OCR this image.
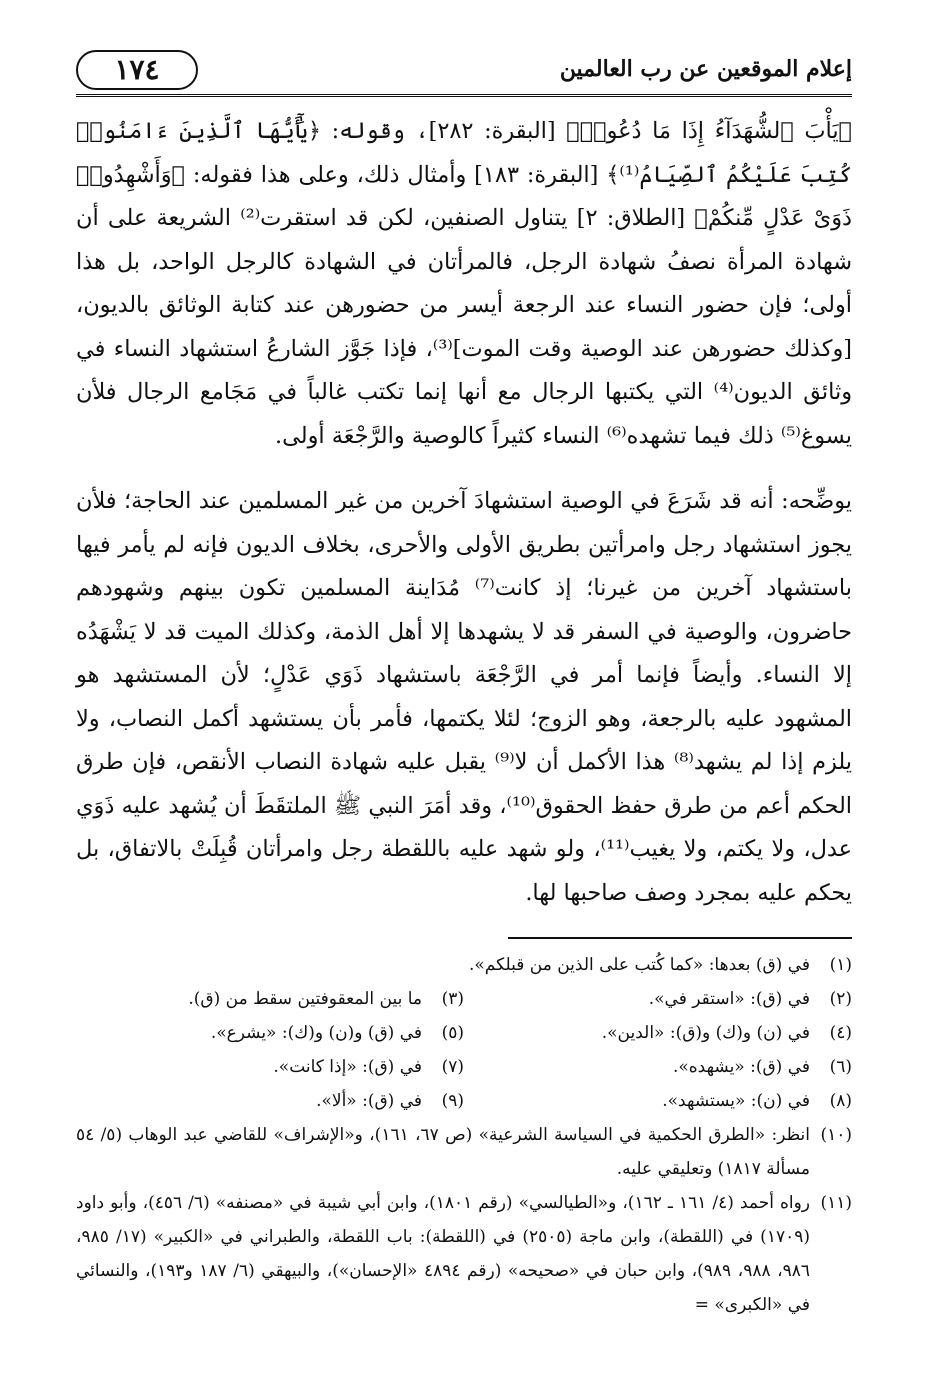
إعلام الموقعين عن رب العالمين
١٧٤

﴿يَأْبَ ٱلشُّهَدَآءُ إِذَا مَا دُعُوا۟﴾ [البقرة: ٢٨٢]، وقوله: ﴿يَٰٓأَيُّهَا ٱلَّذِينَ ءَامَنُوا۟ كُتِبَ عَلَيْكُمُ ٱلصِّيَامُ⁽¹⁾﴾ [البقرة: ١٨٣] وأمثال ذلك، وعلى هذا فقوله: ﴿وَأَشْهِدُوا۟ ذَوَىْ عَدْلٍ مِّنكُمْ﴾ [الطلاق: ٢] يتناول الصنفين، لكن قد استقرت⁽²⁾ الشريعة على أن شهادة المرأة نصفُ شهادة الرجل، فالمرأتان في الشهادة كالرجل الواحد، بل هذا أولى؛ فإن حضور النساء عند الرجعة أيسر من حضورهن عند كتابة الوثائق بالديون، [وكذلك حضورهن عند الوصية وقت الموت]⁽³⁾، فإذا جَوَّز الشارعُ استشهاد النساء في وثائق الديون⁽⁴⁾ التي يكتبها الرجال مع أنها إنما تكتب غالباً في مَجَامع الرجال فلأن يسوغ⁽⁵⁾ ذلك فيما تشهده⁽⁶⁾ النساء كثيراً كالوصية والرَّجْعَة أولى.

يوضِّحه: أنه قد شَرَعَ في الوصية استشهادَ آخرين من غير المسلمين عند الحاجة؛ فلأن يجوز استشهاد رجل وامرأتين بطريق الأولى والأحرى، بخلاف الديون فإنه لم يأمر فيها باستشهاد آخرين من غيرنا؛ إذ كانت⁽⁷⁾ مُدَاينة المسلمين تكون بينهم وشهودهم حاضرون، والوصية في السفر قد لا يشهدها إلا أهل الذمة، وكذلك الميت قد لا يَشْهَدُه إلا النساء. وأيضاً فإنما أمر في الرَّجْعَة باستشهاد ذَوَي عَدْلٍ؛ لأن المستشهد هو المشهود عليه بالرجعة، وهو الزوج؛ لئلا يكتمها، فأمر بأن يستشهد أكمل النصاب، ولا يلزم إذا لم يشهد⁽⁸⁾ هذا الأكمل أن لا⁽⁹⁾ يقبل عليه شهادة النصاب الأنقص، فإن طرق الحكم أعم من طرق حفظ الحقوق⁽¹⁰⁾، وقد أمَرَ النبي ﷺ الملتقَطَ أن يُشهد عليه ذَوَي عدل، ولا يكتم، ولا يغيب⁽¹¹⁾، ولو شهد عليه باللقطة رجل وامرأتان قُبِلَتْ بالاتفاق، بل يحكم عليه بمجرد وصف صاحبها لها.

(١)
في (ق) بعدها: «كما كُتب على الذين من قبلكم».
(٢)
في (ق): «استقر في».
(٣)
ما بين المعقوفتين سقط من (ق).
(٤)
في (ن) و(ك) و(ق): «الدين».
(٥)
في (ق) و(ن) و(ك): «يشرع».
(٦)
في (ق): «يشهده».
(٧)
في (ق): «إذا كانت».
(٨)
في (ن): «يستشهد».
(٩)
في (ق): «ألا».
(١٠)
انظر: «الطرق الحكمية في السياسة الشرعية» (ص ٦٧، ١٦١)، و«الإشراف» للقاضي عبد الوهاب (٥/ ٥٤ مسألة ١٨١٧) وتعليقي عليه.
(١١)
رواه أحمد (٤/ ١٦١ ـ ١٦٢)، و«الطيالسي» (رقم ١٨٠١)، وابن أبي شيبة في «مصنفه» (٦/ ٤٥٦)، وأبو داود (١٧٠٩) في (اللقطة)، وابن ماجة (٢٥٠٥) في (اللقطة): باب اللقطة، والطبراني في «الكبير» (١٧/ ٩٨٥، ٩٨٦، ٩٨٨، ٩٨٩)، وابن حبان في «صحيحه» (رقم ٤٨٩٤ «الإحسان»)، والبيهقي (٦/ ١٨٧ و١٩٣)، والنسائي في «الكبرى» =
